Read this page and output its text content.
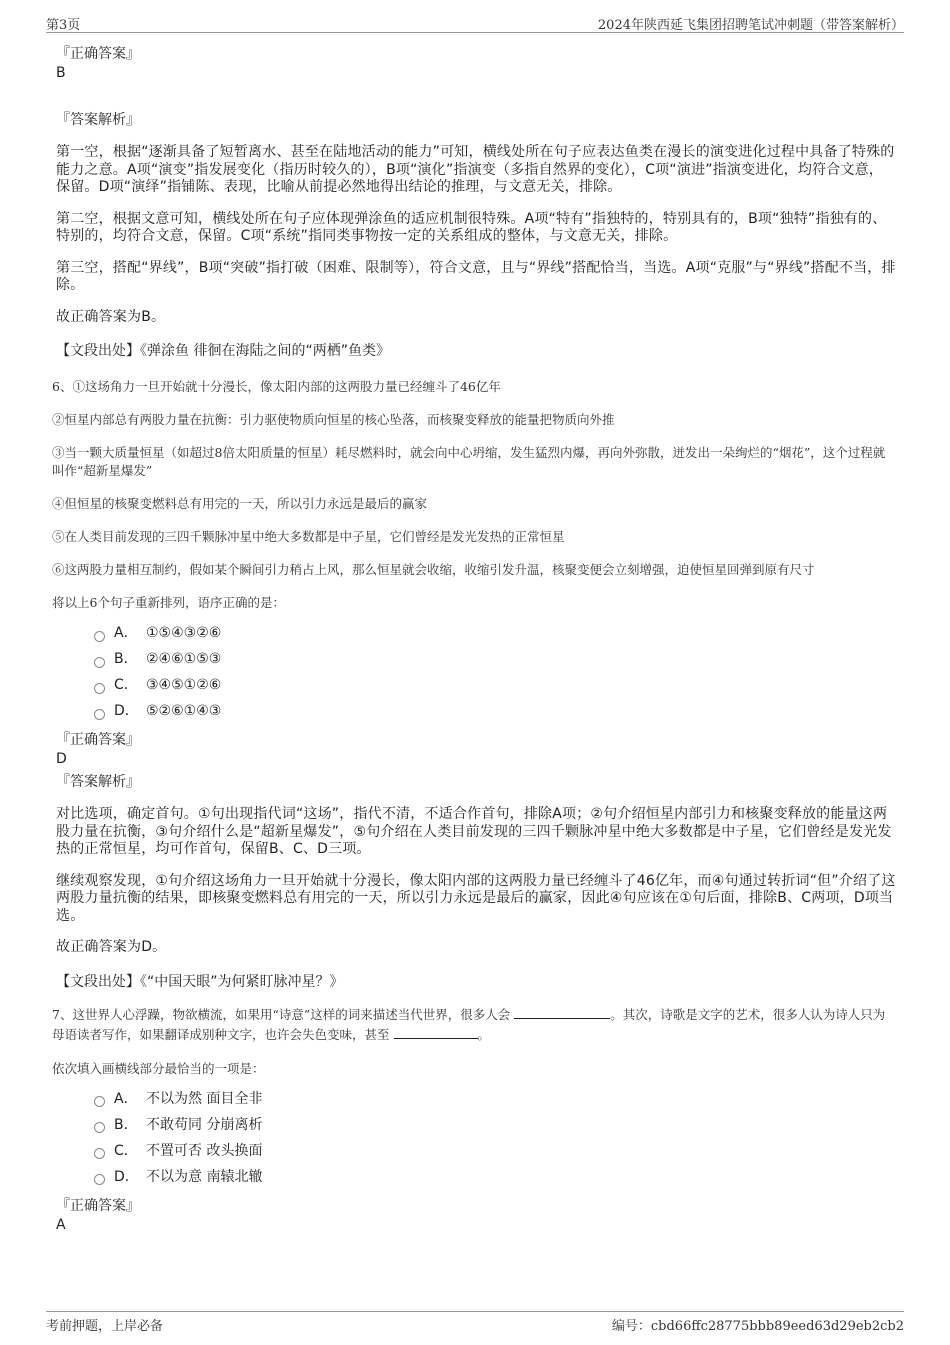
第3页	2024年陕西延飞集团招聘笔试冲刺题（带答案解析）
『正确答案』
B
『答案解析』

第一空，根据“逐渐具备了短暂离水、甚至在陆地活动的能力”可知，横线处所在句子应表达鱼类在漫长的演变进化过程中具备了特殊的能力之意。A项“演变”指发展变化（指历时较久的），B项“演化”指演变（多指自然界的变化），C项“演进”指演变进化，均符合文意，保留。D项“演绎”指铺陈、表现，比喻从前提必然地得出结论的推理，与文意无关，排除。

第二空，根据文意可知，横线处所在句子应体现弹涂鱼的适应机制很特殊。A项“特有”指独特的，特别具有的，B项“独特”指独有的、特别的，均符合文意，保留。C项“系统”指同类事物按一定的关系组成的整体，与文意无关，排除。

第三空，搭配“界线”，B项“突破”指打破（困难、限制等），符合文意，且与“界线”搭配恰当，当选。A项“克服”与“界线”搭配不当，排除。

故正确答案为B。

【文段出处】《弹涂鱼 徘徊在海陆之间的“两栖”鱼类》

6、①这场角力一旦开始就十分漫长，像太阳内部的这两股力量已经缠斗了46亿年

②恒星内部总有两股力量在抗衡：引力驱使物质向恒星的核心坠落，而核聚变释放的能量把物质向外推

③当一颗大质量恒星（如超过8倍太阳质量的恒星）耗尽燃料时，就会向中心坍缩，发生猛烈内爆，再向外弥散，迸发出一朵绚烂的“烟花”，这个过程就叫作“超新星爆发”

④但恒星的核聚变燃料总有用完的一天，所以引力永远是最后的赢家

⑤在人类目前发现的三四千颗脉冲星中绝大多数都是中子星，它们曾经是发光发热的正常恒星

⑥这两股力量相互制约，假如某个瞬间引力稍占上风，那么恒星就会收缩，收缩引发升温，核聚变便会立刻增强，迫使恒星回弹到原有尺寸

将以上6个句子重新排列，语序正确的是：

A． ①⑤④③②⑥
B． ②④⑥①⑤③
C． ③④⑤①②⑥
D． ⑤②⑥①④③
『正确答案』
D
『答案解析』

对比选项，确定首句。①句出现指代词“这场”，指代不清，不适合作首句，排除A项；②句介绍恒星内部引力和核聚变释放的能量这两股力量在抗衡，③句介绍什么是“超新星爆发”，⑤句介绍在人类目前发现的三四千颗脉冲星中绝大多数都是中子星，它们曾经是发光发热的正常恒星，均可作首句，保留B、C、D三项。

继续观察发现，①句介绍这场角力一旦开始就十分漫长，像太阳内部的这两股力量已经缠斗了46亿年，而④句通过转折词“但”介绍了这两股力量抗衡的结果，即核聚变燃料总有用完的一天，所以引力永远是最后的赢家，因此④句应该在①句后面，排除B、C两项，D项当选。

故正确答案为D。

【文段出处】《“中国天眼”为何紧盯脉冲星？》

7、这世界人心浮躁，物欲横流，如果用“诗意”这样的词来描述当代世界，很多人会	。其次，诗歌是文字的艺术，很多人认为诗人只为母语读者写作，如果翻译成别种文字，也许会失色变味，甚至	。

依次填入画横线部分最恰当的一项是：

A． 不以为然 面目全非
B． 不敢苟同 分崩离析
C． 不置可否 改头换面
D． 不以为意 南辕北辙
『正确答案』
A
考前押题，上岸必备	编号：cbd66ffc28775bbb89eed63d29eb2cb2
